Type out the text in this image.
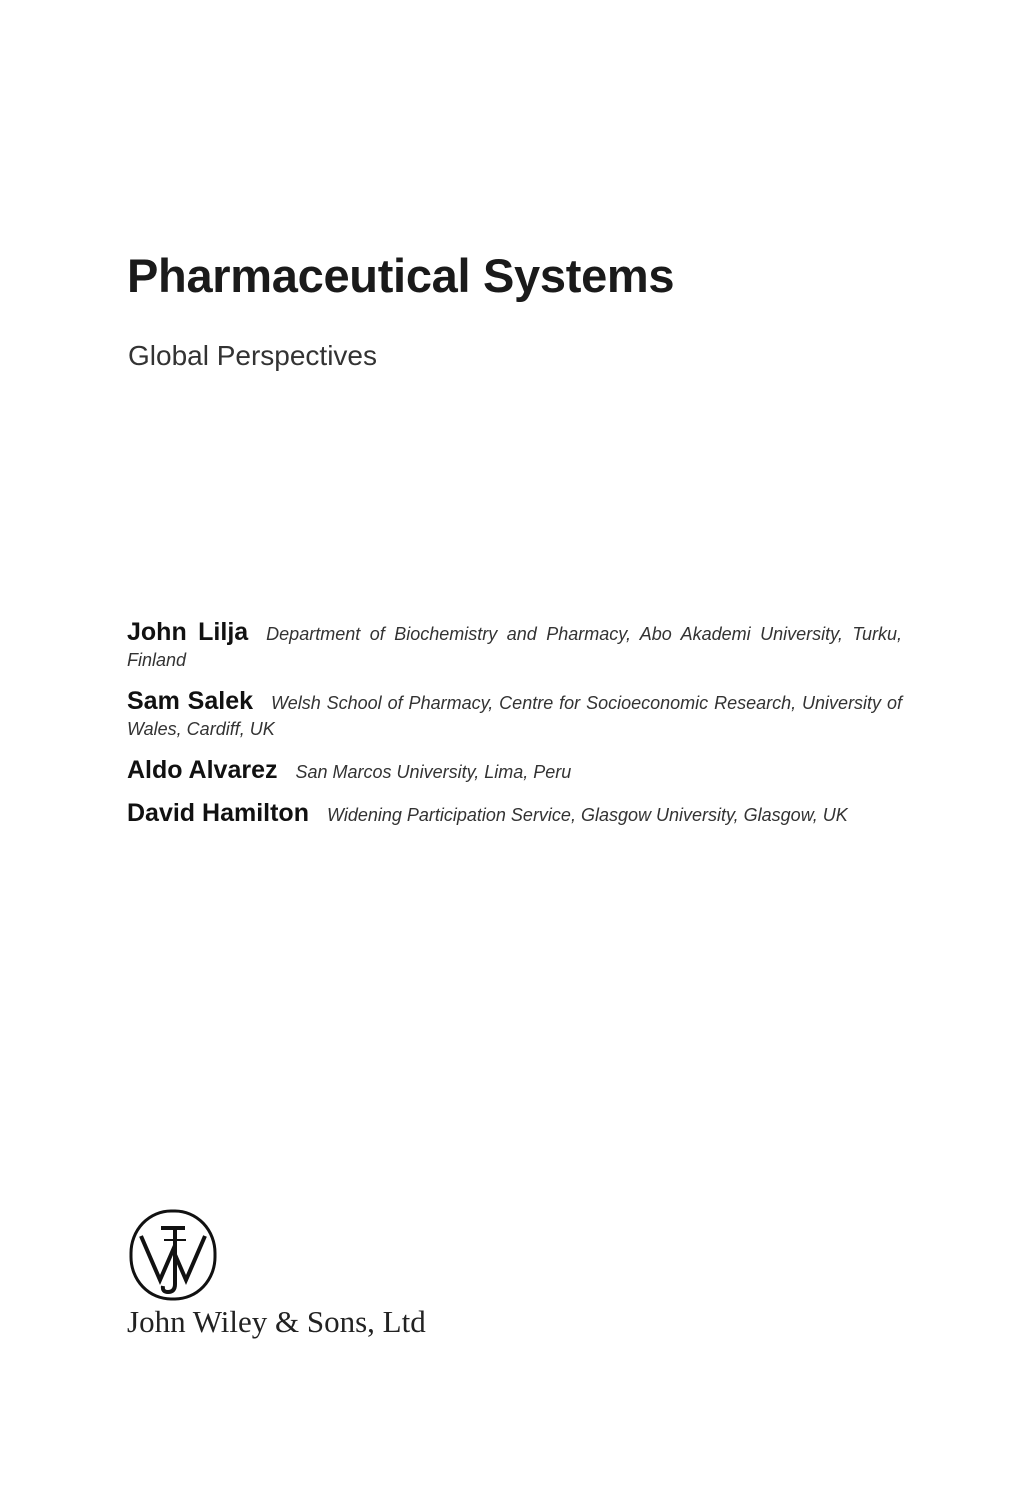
Pharmaceutical Systems
Global Perspectives
John Lilja Department of Biochemistry and Pharmacy, Abo Akademi University, Turku, Finland
Sam Salek Welsh School of Pharmacy, Centre for Socioeconomic Research, University of Wales, Cardiff, UK
Aldo Alvarez San Marcos University, Lima, Peru
David Hamilton Widening Participation Service, Glasgow University, Glasgow, UK
John Wiley & Sons, Ltd
